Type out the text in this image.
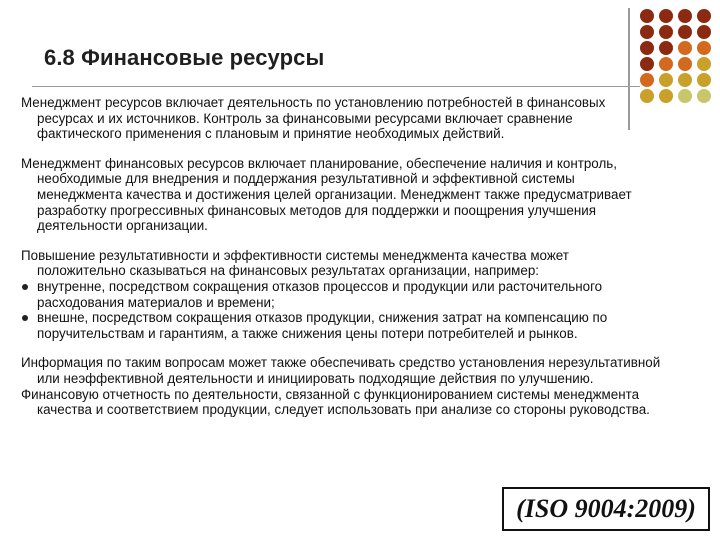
6.8 Финансовые ресурсы

Менеджмент ресурсов включает деятельность по установлению потребностей в финансовых ресурсах и их источников. Контроль за финансовыми ресурсами включает сравнение фактического применения с плановым и принятие необходимых действий.

Менеджмент финансовых ресурсов включает планирование, обеспечение наличия и контроль, необходимые для внедрения и поддержания результативной и эффективной системы менеджмента качества и достижения целей организации. Менеджмент также предусматривает разработку прогрессивных финансовых методов для поддержки и поощрения улучшения деятельности организации.

Повышение результативности и эффективности системы менеджмента качества может положительно сказываться на финансовых результатах организации, например:

внутренне, посредством сокращения отказов процессов и продукции или расточительного расходования материалов и времени;
внешне, посредством сокращения отказов продукции, снижения затрат на компенсацию по поручительствам и гарантиям, а также снижения цены потери потребителей и рынков.

Информация по таким вопросам может также обеспечивать средство установления нерезультативной или неэффективной деятельности и инициировать подходящие действия по улучшению.

Финансовую отчетность по деятельности, связанной с функционированием системы менеджмента качества и соответствием продукции, следует использовать при анализе со стороны руководства.

(ISO 9004:2009)
